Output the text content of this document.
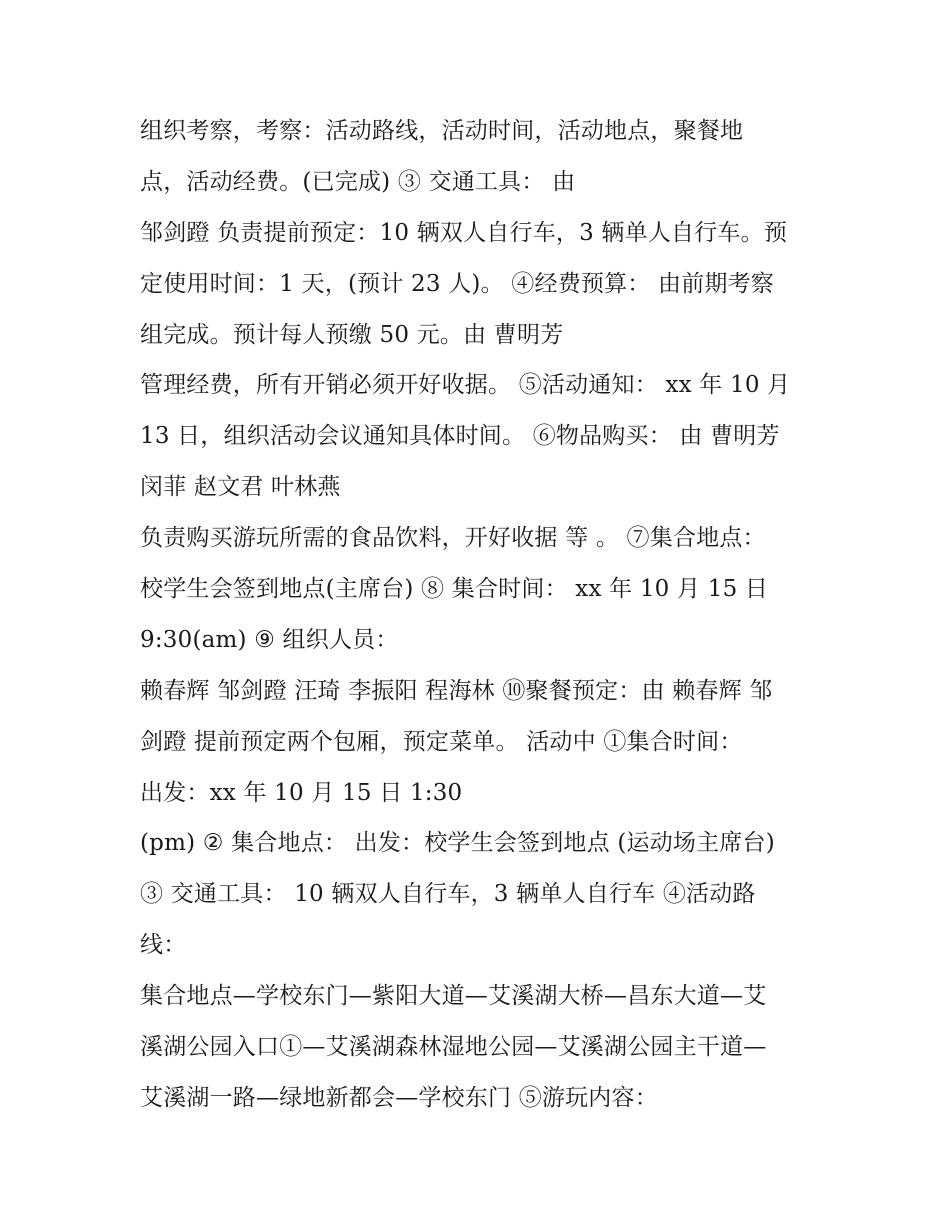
组织考察，考察：活动路线，活动时间，活动地点，聚餐地
点，活动经费。(已完成) ③ 交通工具： 由
邹剑蹬 负责提前预定：10 辆双人自行车，3 辆单人自行车。预
定使用时间：1 天，(预计 23 人)。 ④经费预算： 由前期考察
组完成。预计每人预缴 50 元。由 曹明芳
管理经费，所有开销必须开好收据。 ⑤活动通知： xx 年 10 月
13 日，组织活动会议通知具体时间。 ⑥物品购买： 由 曹明芳
闵菲 赵文君 叶林燕
负责购买游玩所需的食品饮料，开好收据 等 。 ⑦集合地点：
校学生会签到地点(主席台) ⑧ 集合时间： xx 年 10 月 15 日
9:30(am) ⑨ 组织人员：
赖春辉 邹剑蹬 汪琦 李振阳 程海林 ⑩聚餐预定：由 赖春辉 邹
剑蹬 提前预定两个包厢，预定菜单。 活动中 ①集合时间：
出发：xx 年 10 月 15 日 1:30
(pm) ② 集合地点： 出发：校学生会签到地点 (运动场主席台)
③ 交通工具： 10 辆双人自行车，3 辆单人自行车 ④活动路
线：
集合地点—学校东门—紫阳大道—艾溪湖大桥—昌东大道—艾
溪湖公园入口①—艾溪湖森林湿地公园—艾溪湖公园主干道—
艾溪湖一路—绿地新都会—学校东门 ⑤游玩内容：
